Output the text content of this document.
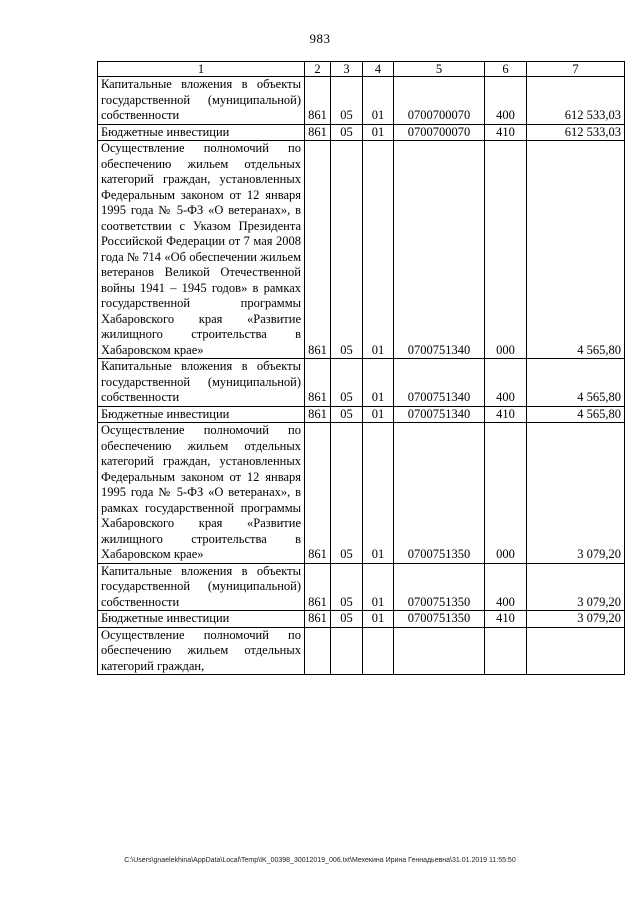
983
1	2	3	4	5	6	7

Капитальные вложения в объекты государственной (муниципальной) собственности	861	05	01	0700700070	400	612 533,03

Бюджетные инвестиции	861	05	01	0700700070	410	612 533,03

Осуществление полномочий по обеспечению жильем отдельных категорий граждан, установленных Федеральным законом от 12 января 1995 года № 5-ФЗ «О ветеранах», в соответствии с Указом Президента Российской Федерации от 7 мая 2008 года № 714 «Об обеспечении жильем ветеранов Великой Отечественной войны 1941 – 1945 годов» в рамках государственной программы Хабаровского края «Развитие жилищного строительства в Хабаровском крае»	861	05	01	0700751340	000	4 565,80

Капитальные вложения в объекты государственной (муниципальной) собственности	861	05	01	0700751340	400	4 565,80

Бюджетные инвестиции	861	05	01	0700751340	410	4 565,80

Осуществление полномочий по обеспечению жильем отдельных категорий граждан, установленных Федеральным законом от 12 января 1995 года № 5-ФЗ «О ветеранах», в рамках государственной программы Хабаровского края «Развитие жилищного строительства в Хабаровском крае»	861	05	01	0700751350	000	3 079,20

Капитальные вложения в объекты государственной (муниципальной) собственности	861	05	01	0700751350	400	3 079,20

Бюджетные инвестиции	861	05	01	0700751350	410	3 079,20

Осуществление полномочий по обеспечению жильем отдельных категорий граждан,						

C:\Users\gnaelekhina\AppData\Local\Temp\IK_00398_30012019_006.txt\Мехекина Ирина Геннадьевна\31.01.2019 11:55:50
